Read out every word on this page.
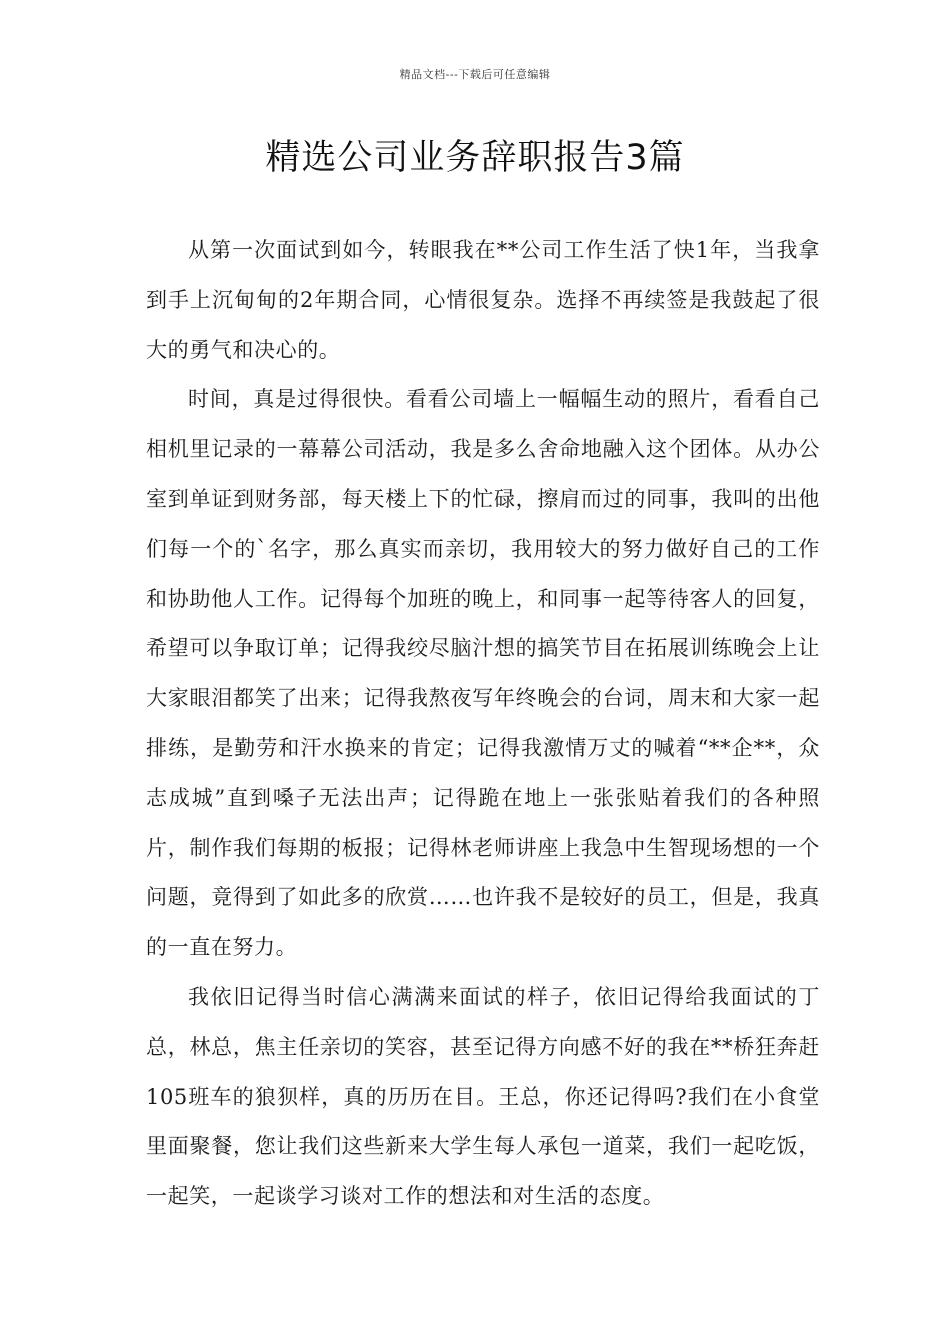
精品文档---下载后可任意编辑
精选公司业务辞职报告3篇

从第一次面试到如今，转眼我在**公司工作生活了快1年，当我拿到手上沉甸甸的2年期合同，心情很复杂。选择不再续签是我鼓起了很大的勇气和决心的。

时间，真是过得很快。看看公司墙上一幅幅生动的照片，看看自己相机里记录的一幕幕公司活动，我是多么舍命地融入这个团体。从办公室到单证到财务部，每天楼上下的忙碌，擦肩而过的同事，我叫的出他们每一个的`名字，那么真实而亲切，我用较大的努力做好自己的工作和协助他人工作。记得每个加班的晚上，和同事一起等待客人的回复，希望可以争取订单；记得我绞尽脑汁想的搞笑节目在拓展训练晚会上让大家眼泪都笑了出来；记得我熬夜写年终晚会的台词，周末和大家一起排练，是勤劳和汗水换来的肯定；记得我激情万丈的喊着“**企**，众志成城”直到嗓子无法出声；记得跪在地上一张张贴着我们的各种照片，制作我们每期的板报；记得林老师讲座上我急中生智现场想的一个问题，竟得到了如此多的欣赏……也许我不是较好的员工，但是，我真的一直在努力。

我依旧记得当时信心满满来面试的样子，依旧记得给我面试的丁总，林总，焦主任亲切的笑容，甚至记得方向感不好的我在**桥狂奔赶105班车的狼狈样，真的历历在目。王总，你还记得吗?我们在小食堂里面聚餐，您让我们这些新来大学生每人承包一道菜，我们一起吃饭，一起笑，一起谈学习谈对工作的想法和对生活的态度。
